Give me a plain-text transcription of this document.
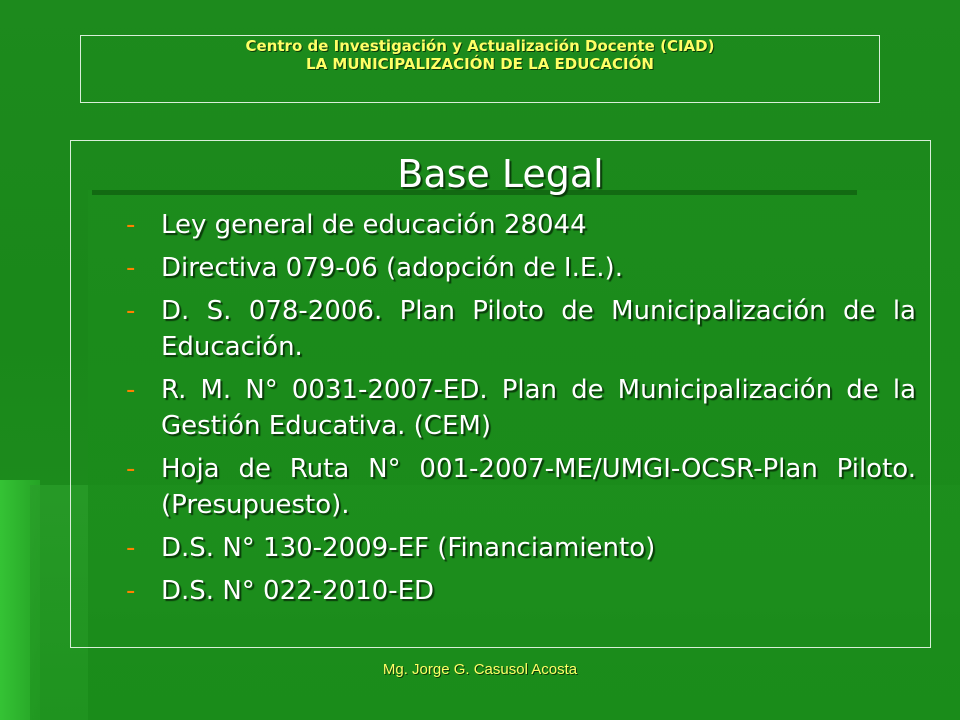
Centro de Investigación y Actualización Docente (CIAD)
LA MUNICIPALIZACIÓN DE LA EDUCACIÓN
Base Legal
- Ley general de educación 28044
- Directiva 079-06 (adopción de I.E.).
- D. S. 078-2006. Plan Piloto de Municipalización de la Educación.
- R. M. N° 0031-2007-ED. Plan de Municipalización de la Gestión Educativa. (CEM)
- Hoja de Ruta N° 001-2007-ME/UMGI-OCSR-Plan Piloto. (Presupuesto).
- D.S. N° 130-2009-EF (Financiamiento)
- D.S. N° 022-2010-ED
Mg. Jorge G. Casusol Acosta
